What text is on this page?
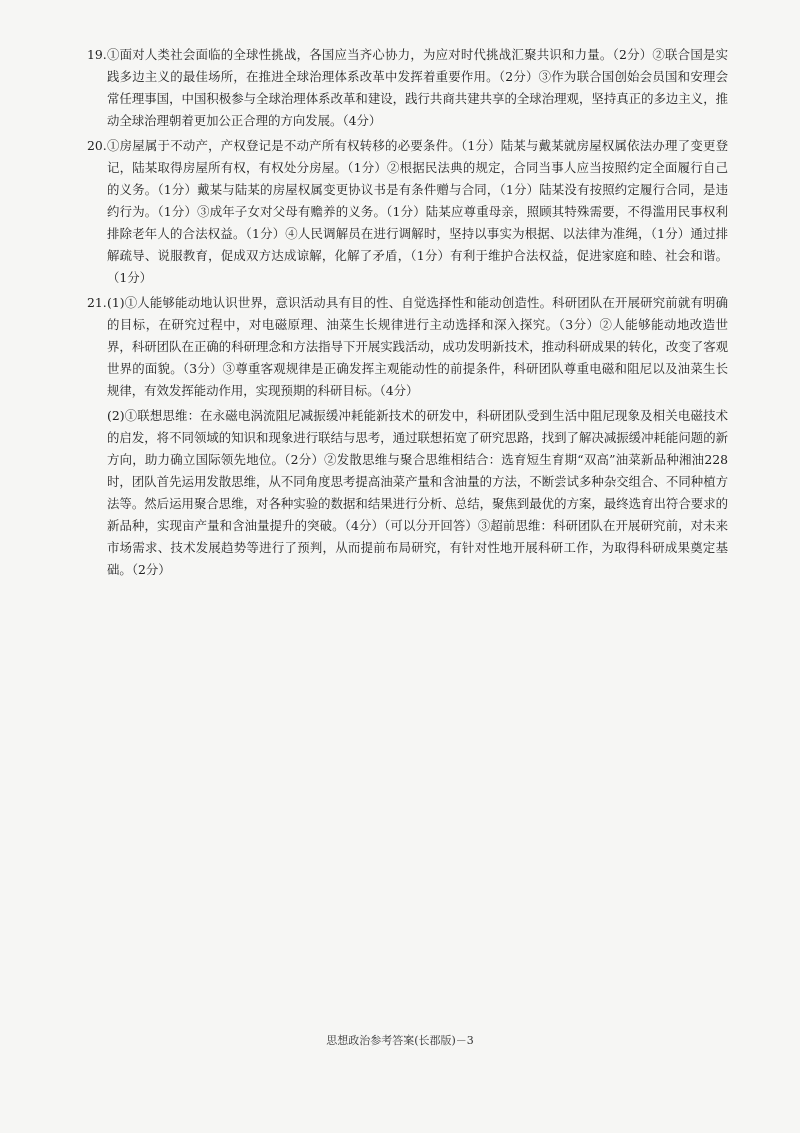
19. ①面对人类社会面临的全球性挑战，各国应当齐心协力，为应对时代挑战汇聚共识和力量。（2分）②联合国是实践多边主义的最佳场所，在推进全球治理体系改革中发挥着重要作用。（2分）③作为联合国创始会员国和安理会常任理事国，中国积极参与全球治理体系改革和建设，践行共商共建共享的全球治理观，坚持真正的多边主义，推动全球治理朝着更加公正合理的方向发展。（4分）
20. ①房屋属于不动产，产权登记是不动产所有权转移的必要条件。（1分）陆某与戴某就房屋权属依法办理了变更登记，陆某取得房屋所有权，有权处分房屋。（1分）②根据民法典的规定，合同当事人应当按照约定全面履行自己的义务。（1分）戴某与陆某的房屋权属变更协议书是有条件赠与合同，（1分）陆某没有按照约定履行合同，是违约行为。（1分）③成年子女对父母有赡养的义务。（1分）陆某应尊重母亲，照顾其特殊需要，不得滥用民事权利排除老年人的合法权益。（1分）④人民调解员在进行调解时，坚持以事实为根据、以法律为准绳，（1分）通过排解疏导、说服教育，促成双方达成谅解，化解了矛盾，（1分）有利于维护合法权益，促进家庭和睦、社会和谐。（1分）
21. (1)①人能够能动地认识世界，意识活动具有目的性、自觉选择性和能动创造性。科研团队在开展研究前就有明确的目标，在研究过程中，对电磁原理、油菜生长规律进行主动选择和深入探究。（3分）②人能够能动地改造世界，科研团队在正确的科研理念和方法指导下开展实践活动，成功发明新技术，推动科研成果的转化，改变了客观世界的面貌。（3分）③尊重客观规律是正确发挥主观能动性的前提条件，科研团队尊重电磁和阻尼以及油菜生长规律，有效发挥能动作用，实现预期的科研目标。（4分）
(2)①联想思维：在永磁电涡流阻尼减振缓冲耗能新技术的研发中，科研团队受到生活中阻尼现象及相关电磁技术的启发，将不同领域的知识和现象进行联结与思考，通过联想拓宽了研究思路，找到了解决减振缓冲耗能问题的新方向，助力确立国际领先地位。（2分）②发散思维与聚合思维相结合：选育短生育期“双高”油菜新品种湘油228时，团队首先运用发散思维，从不同角度思考提高油菜产量和含油量的方法，不断尝试多种杂交组合、不同种植方法等。然后运用聚合思维，对各种实验的数据和结果进行分析、总结，聚焦到最优的方案，最终选育出符合要求的新品种，实现亩产量和含油量提升的突破。（4分）（可以分开回答）③超前思维：科研团队在开展研究前，对未来市场需求、技术发展趋势等进行了预判，从而提前布局研究，有针对性地开展科研工作，为取得科研成果奠定基础。（2分）
思想政治参考答案(长郡版)－3
